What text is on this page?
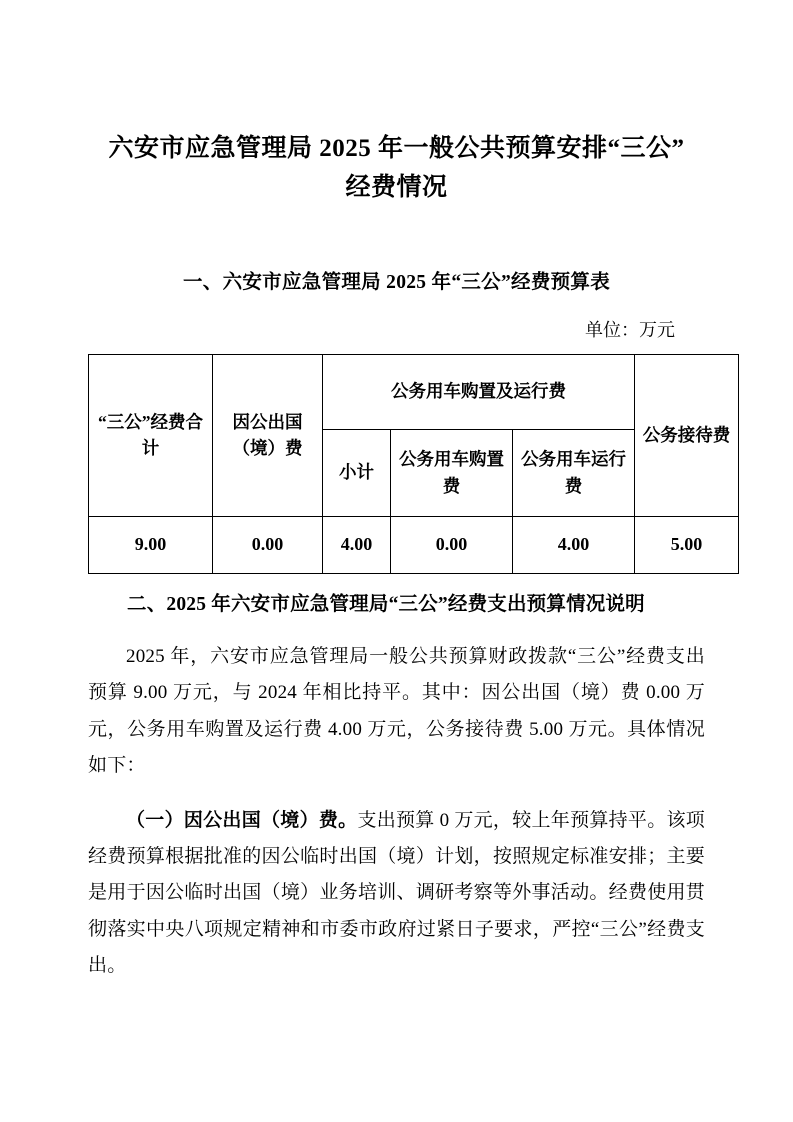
六安市应急管理局 2025 年一般公共预算安排“三公”经费情况
一、六安市应急管理局 2025 年“三公”经费预算表
单位：万元
“三公”经费合计	因公出国（境）费	公务用车购置及运行费			公务接待费
		小计	公务用车购置费	公务用车运行费	
9.00	0.00	4.00	0.00	4.00	5.00
二、2025 年六安市应急管理局“三公”经费支出预算情况说明

2025 年，六安市应急管理局一般公共预算财政拨款“三公”经费支出预算 9.00 万元，与 2024 年相比持平。其中：因公出国（境）费 0.00 万元，公务用车购置及运行费 4.00 万元，公务接待费 5.00 万元。具体情况如下：

（一）因公出国（境）费。支出预算 0 万元，较上年预算持平。该项经费预算根据批准的因公临时出国（境）计划，按照规定标准安排；主要是用于因公临时出国（境）业务培训、调研考察等外事活动。经费使用贯彻落实中央八项规定精神和市委市政府过紧日子要求，严控“三公”经费支出。
